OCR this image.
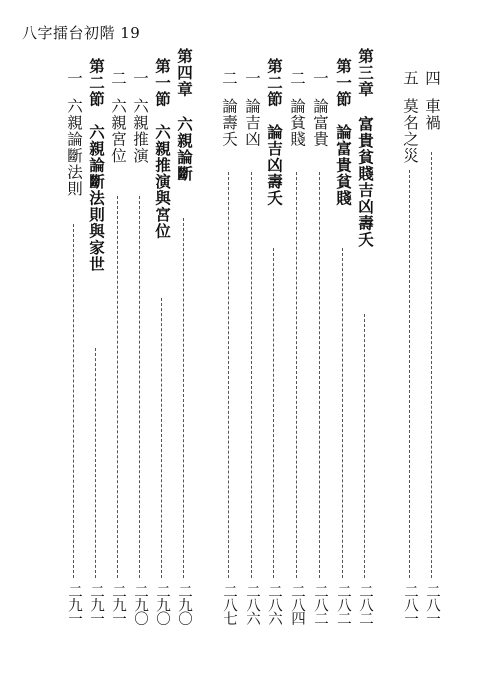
八字擂台初階 19
四
車禍
二八一
五
莫名之災
二八一
第三章
富貴貧賤吉凶壽夭
二八二
第一節
論富貴貧賤
二八二
一
論富貴
二八二
二
論貧賤
二八四
第二節
論吉凶壽夭
二八六
一
論吉凶
二八六
二
論壽夭
二八七
第四章
六親論斷
二九〇
第一節
六親推演與宮位
二九〇
一
六親推演
二九〇
二
六親宮位
二九一
第二節
六親論斷法則與家世
二九一
一
六親論斷法則
二九一
